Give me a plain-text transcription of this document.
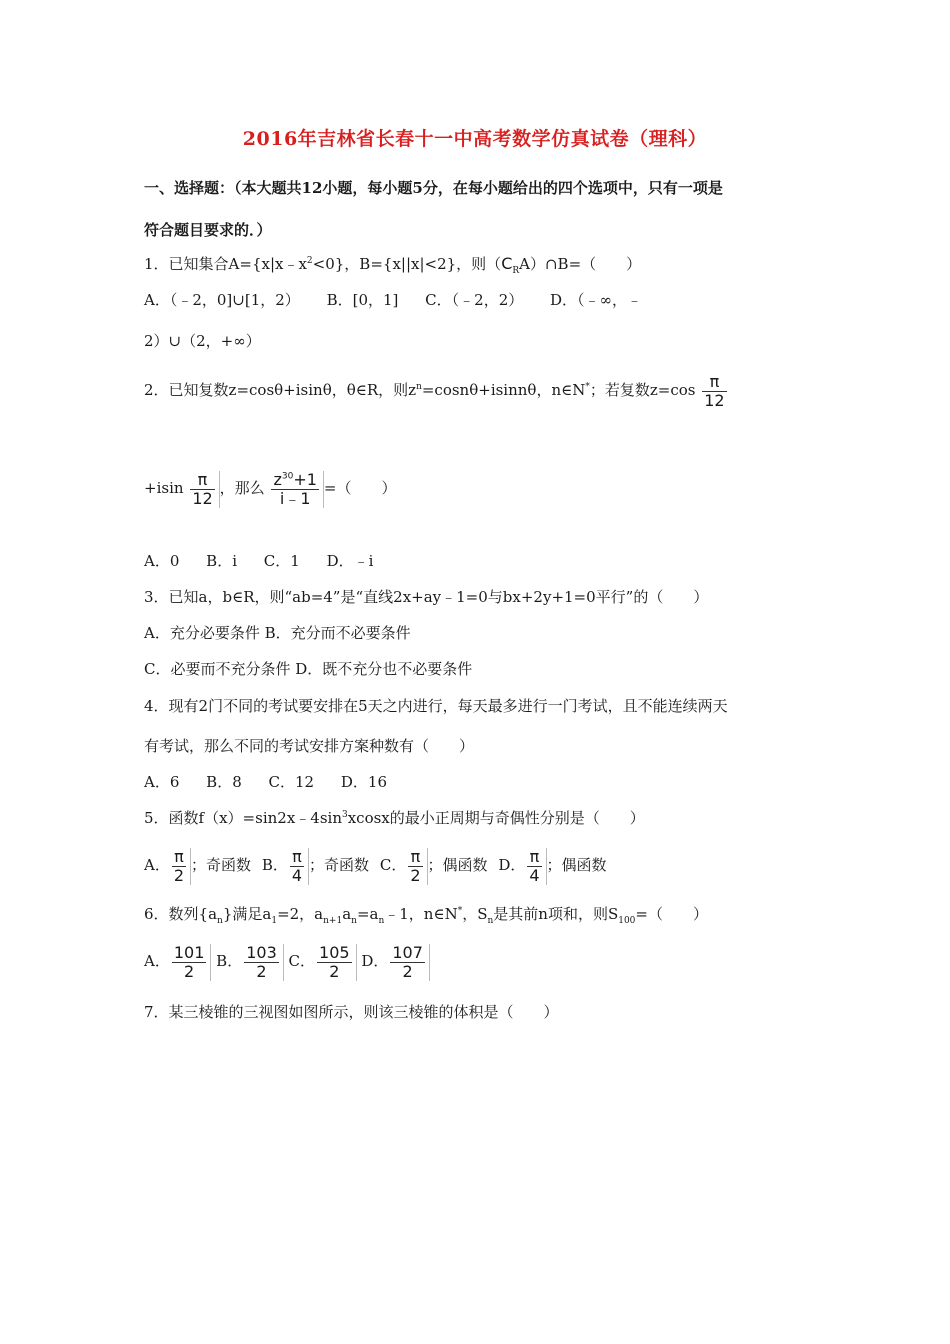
2016年吉林省长春十一中高考数学仿真试卷（理科）
一、选择题：（本大题共12小题，每小题5分，在每小题给出的四个选项中，只有一项是
符合题目要求的．）
1．已知集合$A=\{x|x﹣x^2<0\}$，B={x||x|<2}，则$(C_RA)\cap B=$（　　）
A．（﹣2，0]∪[1，2） B．[0，1] C．（﹣2，2） D．（﹣∞，﹣
2）∪（2，+∞）
2．已知复数z=cosθ+isinθ，θ∈R，则$z^n=\cos n\theta+isinn\theta$，n∈N*；若复数$z=\cos \frac{\pi}{12}$
$+isin \frac{\pi}{12}$ ，那么 $\frac{z^{30}+1}{i﹣1}$ =（　　）
A．0 B．i C．1 D．﹣i
3．已知a，b∈R，则“ab=4”是“直线2x+ay﹣1=0与bx+2y+1=0平行”的（　　）
A．充分必要条件 B．充分而不必要条件
C．必要而不充分条件 D．既不充分也不必要条件
4．现有2门不同的考试要安排在5天之内进行，每天最多进行一门考试，且不能连续两天
有考试，那么不同的考试安排方案种数有（　　）
A．6 B．8 C．12 D．16
5．函数$f(x)=\sin 2x﹣4\sin^3xcosx$的最小正周期与奇偶性分别是（　　）
A． $\frac{\pi}{2}$ ；奇函数 B． $\frac{\pi}{4}$ ；奇函数 C． $\frac{\pi}{2}$ ；偶函数 D． $\frac{\pi}{4}$ ；偶函数
6．数列$\{a_n\}$满足$a_1=2$，$a_{n+1}a_n=a_n﹣1$，n∈N*，$S_n$是其前n项和，则$S_{100}=$（　　）
A． $\frac{101}{2}$ B． $\frac{103}{2}$ C． $\frac{105}{2}$ D． $\frac{107}{2}$
7．某三棱锥的三视图如图所示，则该三棱锥的体积是（　　）
